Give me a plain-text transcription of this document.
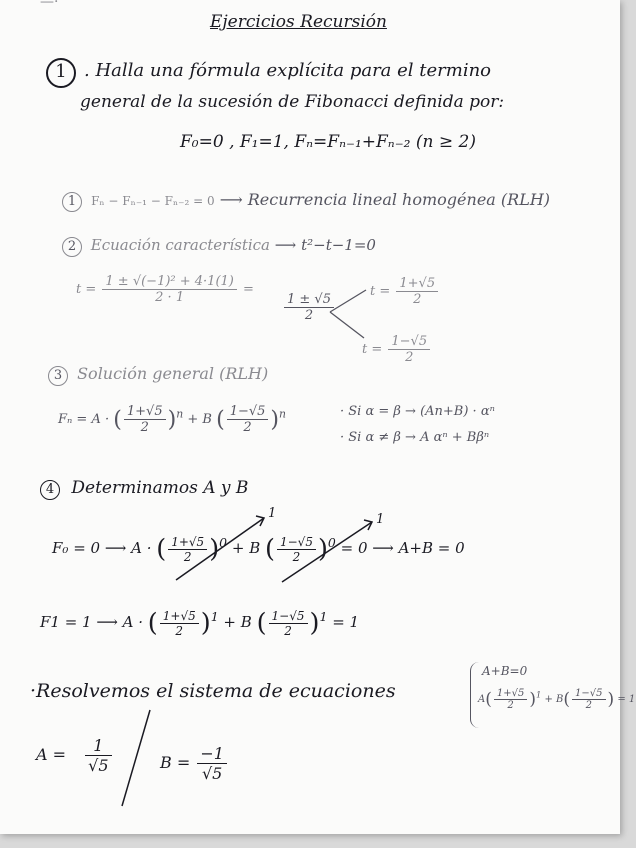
—·
Ejercicios Recursión
1 . Halla una fórmula explícita para el termino
general de la sucesión de Fibonacci definida por:
F₀=0 , F₁=1, Fₙ=Fₙ₋₁+Fₙ₋₂ (n ≥ 2)
1 Fₙ − Fₙ₋₁ − Fₙ₋₂ = 0 ⟶ Recurrencia lineal homogénea (RLH)
2 Ecuación característica ⟶ t²−t−1=0
$t = \frac{\text{1 ± √(−1)² + 4·1(1)}}{2 \cdot 1}$ =
$\frac{1 \pm √5}{2}$
$t = \frac{1+√5}{2}$
$t = \frac{1-√5}{2}$
3 Solución general (RLH)
Fₙ = A · ( $\frac{1+√5}{2} )^n + B$ ( $\frac{1-√5}{2} )^n$	· Si α = β → (An+B) · αⁿ
· Si α ≠ β → A αⁿ + Bβⁿ
4 Determinamos A y B
F₀ = 0 ⟶ A · ( $\frac{1+√5}{2} )^0 + B$ ( $\frac{1-√5}{2} )^0 = 0$ ⟶ A+B = 0
1	1
F1 = 1 ⟶ A · ( $\frac{1+√5}{2} )^1 + B$ ( $\frac{1-√5}{2} )^1 = 1$
·Resolvemos el sistema de ecuaciones
A+B=0
$A( \frac{1+√5}{2} )^1 + B( \frac{1-√5}{2}$ ) = 1
$A = \frac{1}{√5}$	$B = \frac{-1}{√5}$
